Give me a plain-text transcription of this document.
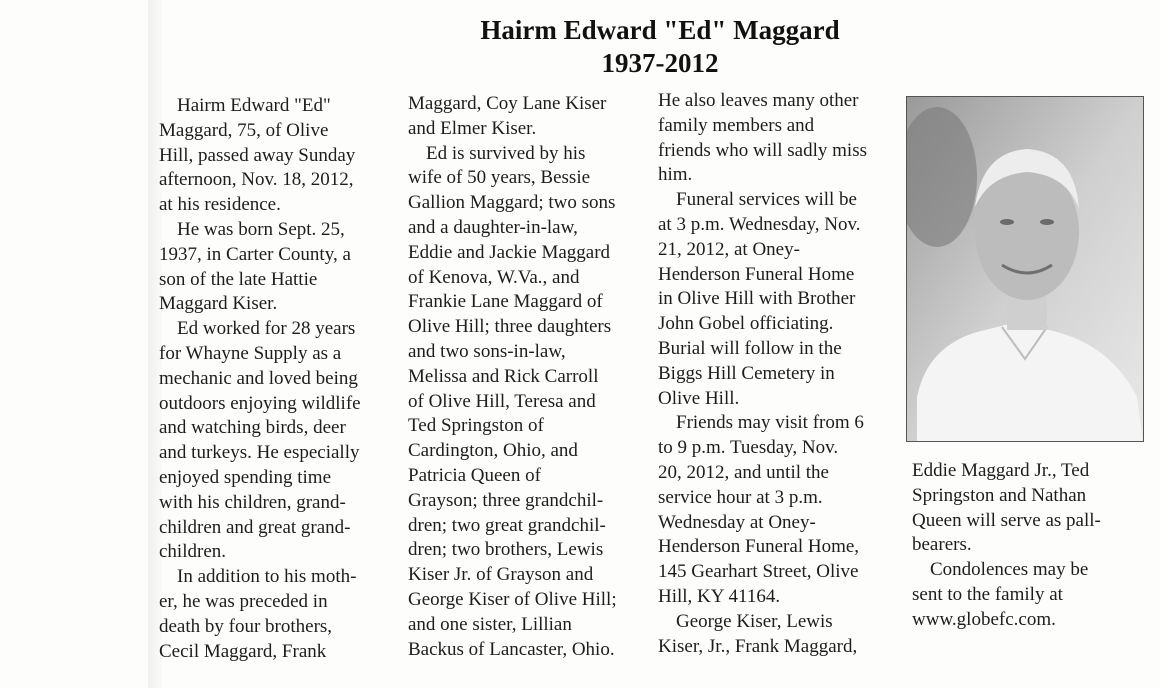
Hairm Edward "Ed" Maggard
1937-2012
Hairm Edward "Ed"
Maggard, 75, of Olive
Hill, passed away Sunday
afternoon, Nov. 18, 2012,
at his residence.
He was born Sept. 25,
1937, in Carter County, a
son of the late Hattie
Maggard Kiser.
Ed worked for 28 years
for Whayne Supply as a
mechanic and loved being
outdoors enjoying wildlife
and watching birds, deer
and turkeys. He especially
enjoyed spending time
with his children, grand-
children and great grand-
children.
In addition to his moth-
er, he was preceded in
death by four brothers,
Cecil Maggard, Frank
Maggard, Coy Lane Kiser
and Elmer Kiser.
Ed is survived by his
wife of 50 years, Bessie
Gallion Maggard; two sons
and a daughter-in-law,
Eddie and Jackie Maggard
of Kenova, W.Va., and
Frankie Lane Maggard of
Olive Hill; three daughters
and two sons-in-law,
Melissa and Rick Carroll
of Olive Hill, Teresa and
Ted Springston of
Cardington, Ohio, and
Patricia Queen of
Grayson; three grandchil-
dren; two great grandchil-
dren; two brothers, Lewis
Kiser Jr. of Grayson and
George Kiser of Olive Hill;
and one sister, Lillian
Backus of Lancaster, Ohio.
He also leaves many other
family members and
friends who will sadly miss
him.
Funeral services will be
at 3 p.m. Wednesday, Nov.
21, 2012, at Oney-
Henderson Funeral Home
in Olive Hill with Brother
John Gobel officiating.
Burial will follow in the
Biggs Hill Cemetery in
Olive Hill.
Friends may visit from 6
to 9 p.m. Tuesday, Nov.
20, 2012, and until the
service hour at 3 p.m.
Wednesday at Oney-
Henderson Funeral Home,
145 Gearhart Street, Olive
Hill, KY 41164.
George Kiser, Lewis
Kiser, Jr., Frank Maggard,
Eddie Maggard Jr., Ted
Springston and Nathan
Queen will serve as pall-
bearers.
Condolences may be
sent to the family at
www.globefc.com.
